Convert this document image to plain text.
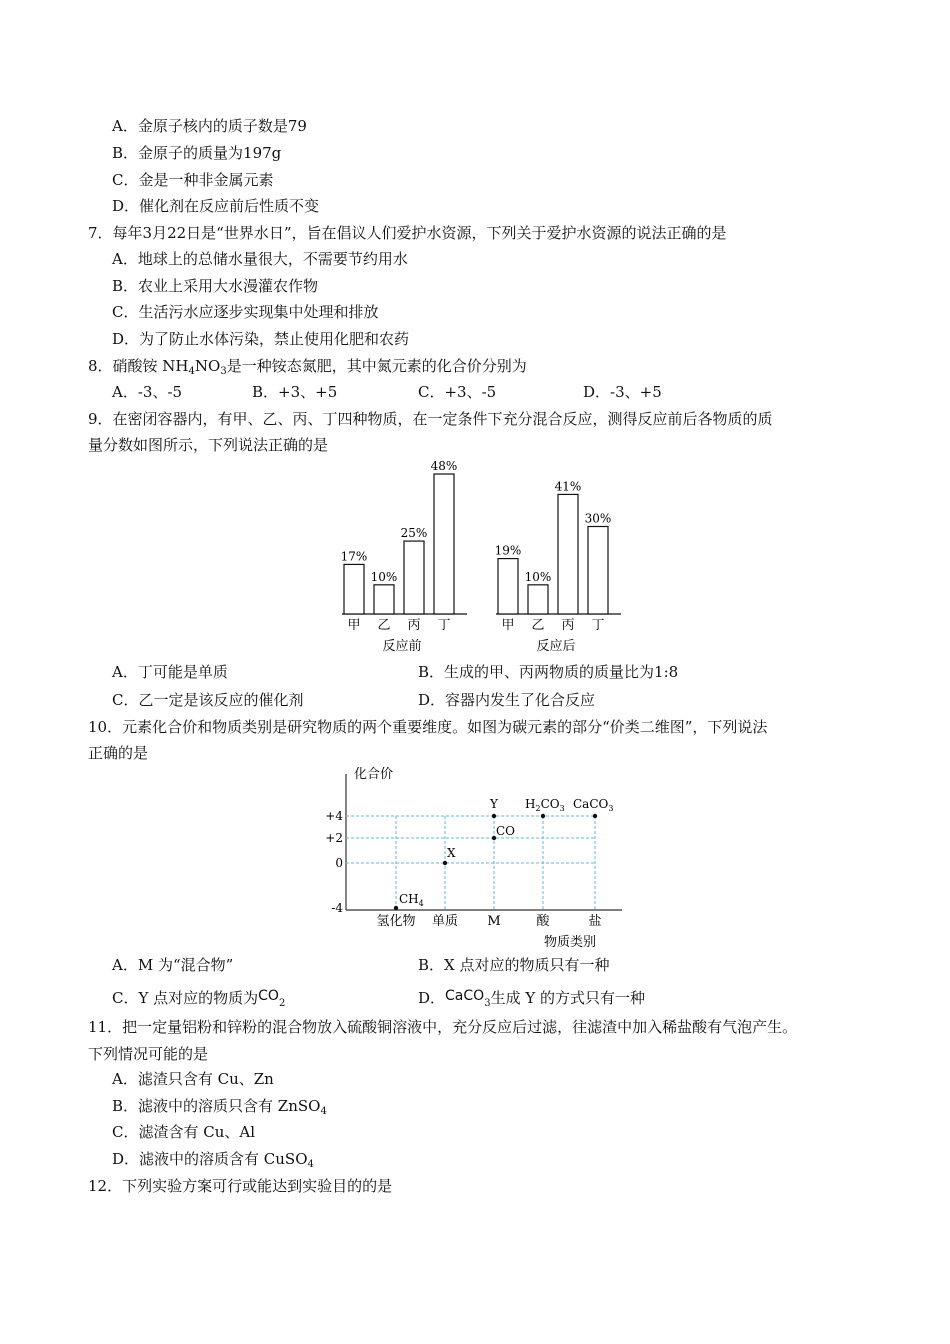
A．金原子核内的质子数是79
B．金原子的质量为197g
C．金是一种非金属元素
D．催化剂在反应前后性质不变
7．每年3月22日是“世界水日”，旨在倡议人们爱护水资源，下列关于爱护水资源的说法正确的是
A．地球上的总储水量很大，不需要节约用水
B．农业上采用大水漫灌农作物
C．生活污水应逐步实现集中处理和排放
D．为了防止水体污染，禁止使用化肥和农药
8．硝酸铵 $NH_4NO_3$是一种铵态氮肥，其中氮元素的化合价分别为
A．-3、-5	B．+3、+5	C．+3、-5	D．-3、+5
9．在密闭容器内，有甲、乙、丙、丁四种物质，在一定条件下充分混合反应，测得反应前后各物质的质
量分数如图所示，下列说法正确的是
17%
甲
10%
乙
25%
丙
48%
丁
反应前
19%
甲
10%
乙
41%
丙
30%
丁
反应后
A．丁可能是单质	B．生成的甲、丙两物质的质量比为1:8
C．乙一定是该反应的催化剂	D．容器内发生了化合反应
10．元素化合价和物质类别是研究物质的两个重要维度。如图为碳元素的部分“价类二维图”，下列说法
正确的是
化合价
+4
+2
0
-4
氢化物 单质 M	酸	盐
物质类别
$CH_4$
X
CO
Y $H_2CO_3$ CaCO$_3$
A．M 为“混合物”	B．X 点对应的物质只有一种
C．Y 点对应的物质为$CO_2$	D．CaCO$_3$生成 Y 的方式只有一种
11．把一定量铝粉和锌粉的混合物放入硫酸铜溶液中，充分反应后过滤，往滤渣中加入稀盐酸有气泡产生。
下列情况可能的是
A．滤渣只含有 Cu、Zn
B．滤液中的溶质只含有 ZnSO$_4$
C．滤渣含有 Cu、Al
D．滤液中的溶质含有 CuSO$_4$
12．下列实验方案可行或能达到实验目的的是
